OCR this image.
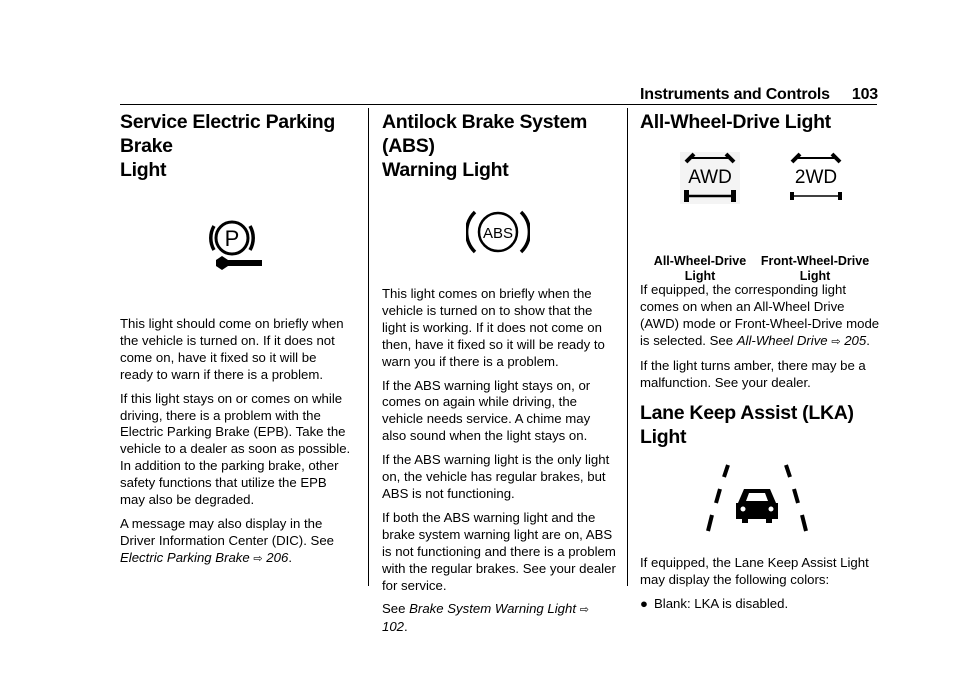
Instruments and Controls 103
Service Electric Parking Brake
Light
P

This light should come on briefly when the vehicle is turned on. If it does not come on, have it fixed so it will be ready to warn if there is a problem.

If this light stays on or comes on while driving, there is a problem with the Electric Parking Brake (EPB). Take the vehicle to a dealer as soon as possible. In addition to the parking brake, other safety functions that utilize the EPB may also be degraded.

A message may also display in the Driver Information Center (DIC). See Electric Parking Brake ⇨ 206.

Antilock Brake System (ABS)
Warning Light
ABS

This light comes on briefly when the vehicle is turned on to show that the light is working. If it does not come on then, have it fixed so it will be ready to warn you if there is a problem.

If the ABS warning light stays on, or comes on again while driving, the vehicle needs service. A chime may also sound when the light stays on.

If the ABS warning light is the only light on, the vehicle has regular brakes, but ABS is not functioning.

If both the ABS warning light and the brake system warning light are on, ABS is not functioning and there is a problem with the regular brakes. See your dealer for service.

See Brake System Warning Light ⇨ 102.

All-Wheel-Drive Light
AWD	2WD
All-Wheel-Drive Light
Front-Wheel-Drive
Light

If equipped, the corresponding light comes on when an All-Wheel Drive (AWD) mode or Front-Wheel-Drive mode is selected. See All-Wheel Drive ⇨ 205.

If the light turns amber, there may be a malfunction. See your dealer.

Lane Keep Assist (LKA) Light

If equipped, the Lane Keep Assist Light may display the following colors:

● Blank: LKA is disabled.
